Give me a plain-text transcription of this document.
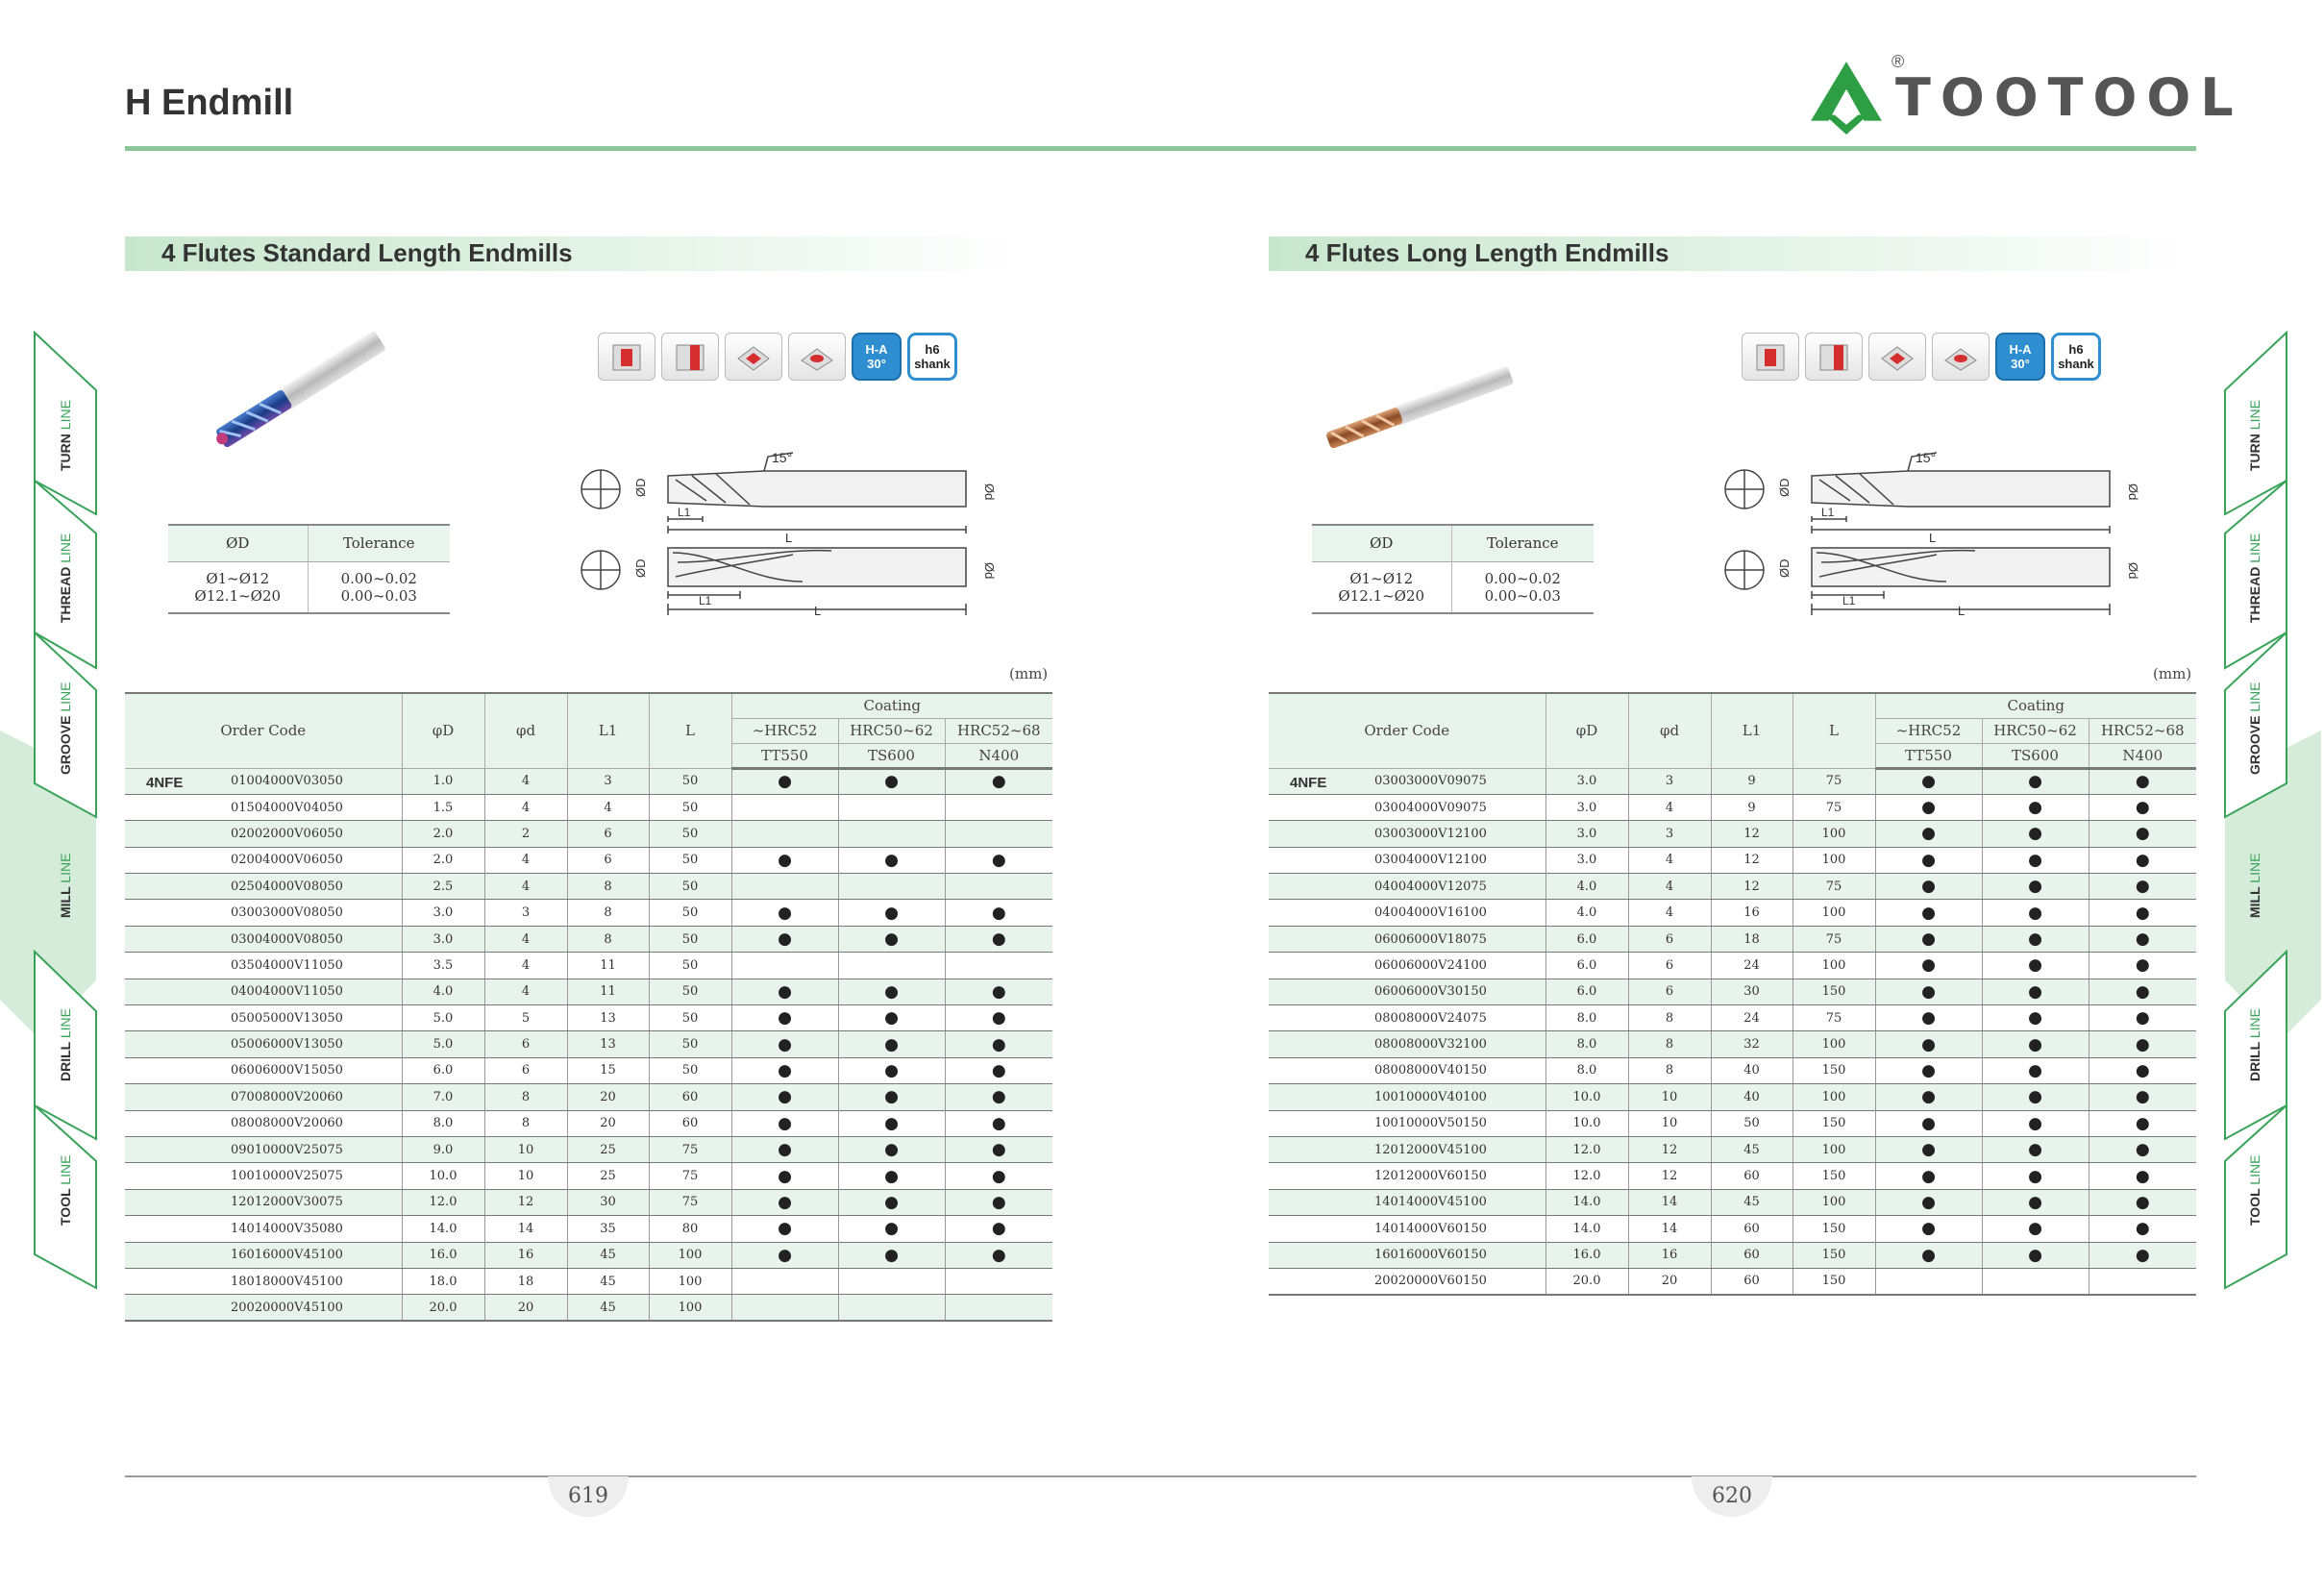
H Endmill	TOOTOOL
®
TURN LINE
THREAD LINE
GROOVE LINE
MILL LINE
DRILL LINE
TOOL LINE
TURN LINE
THREAD LINE
GROOVE LINE
MILL LINE
DRILL LINE
TOOL LINE
4 Flutes Standard Length Endmills
ØD	Tolerance
Ø1~Ø12	0.00~0.02
Ø12.1~Ø20	0.00~0.03
H-A
30°
h6
shank
15°
ØD	Ød
L1
L
ØD	Ød
L1
L
(mm)
Order Code	φD	φd	L1	L	Coating		
					~HRC52	HRC50~62	HRC52~68
					TT550	TS600	N400

4NFE 01004000V03050	1.0	4	3	50	●	●	●
01504000V04050	1.5	4	4	50			
02002000V06050	2.0	2	6	50			
02004000V06050	2.0	4	6	50	●	●	●
02504000V08050	2.5	4	8	50			
03003000V08050	3.0	3	8	50	●	●	●
03004000V08050	3.0	4	8	50	●	●	●
03504000V11050	3.5	4	11	50			
04004000V11050	4.0	4	11	50	●	●	●
05005000V13050	5.0	5	13	50	●	●	●
05006000V13050	5.0	6	13	50	●	●	●
06006000V15050	6.0	6	15	50	●	●	●
07008000V20060	7.0	8	20	60	●	●	●
08008000V20060	8.0	8	20	60	●	●	●
09010000V25075	9.0	10	25	75	●	●	●
10010000V25075	10.0	10	25	75	●	●	●
12012000V30075	12.0	12	30	75	●	●	●
14014000V35080	14.0	14	35	80	●	●	●
16016000V45100	16.0	16	45	100	●	●	●
18018000V45100	18.0	18	45	100			
20020000V45100	20.0	20	45	100			
4 Flutes Long Length Endmills
ØD	Tolerance
Ø1~Ø12	0.00~0.02
Ø12.1~Ø20	0.00~0.03
H-A
30°
h6
shank
15°
ØD	Ød
L1
L
ØD	Ød
L1
L
(mm)
Order Code	φD	φd	L1	L	Coating		
					~HRC52	HRC50~62	HRC52~68
					TT550	TS600	N400

4NFE 03003000V09075	3.0	3	9	75	●	●	●
03004000V09075	3.0	4	9	75	●	●	●
03003000V12100	3.0	3	12	100	●	●	●
03004000V12100	3.0	4	12	100	●	●	●
04004000V12075	4.0	4	12	75	●	●	●
04004000V16100	4.0	4	16	100	●	●	●
06006000V18075	6.0	6	18	75	●	●	●
06006000V24100	6.0	6	24	100	●	●	●
06006000V30150	6.0	6	30	150	●	●	●
08008000V24075	8.0	8	24	75	●	●	●
08008000V32100	8.0	8	32	100	●	●	●
08008000V40150	8.0	8	40	150	●	●	●
10010000V40100	10.0	10	40	100	●	●	●
10010000V50150	10.0	10	50	150	●	●	●
12012000V45100	12.0	12	45	100	●	●	●
12012000V60150	12.0	12	60	150	●	●	●
14014000V45100	14.0	14	45	100	●	●	●
14014000V60150	14.0	14	60	150	●	●	●
16016000V60150	16.0	16	60	150	●	●	●
20020000V60150	20.0	20	60	150			
619	620
